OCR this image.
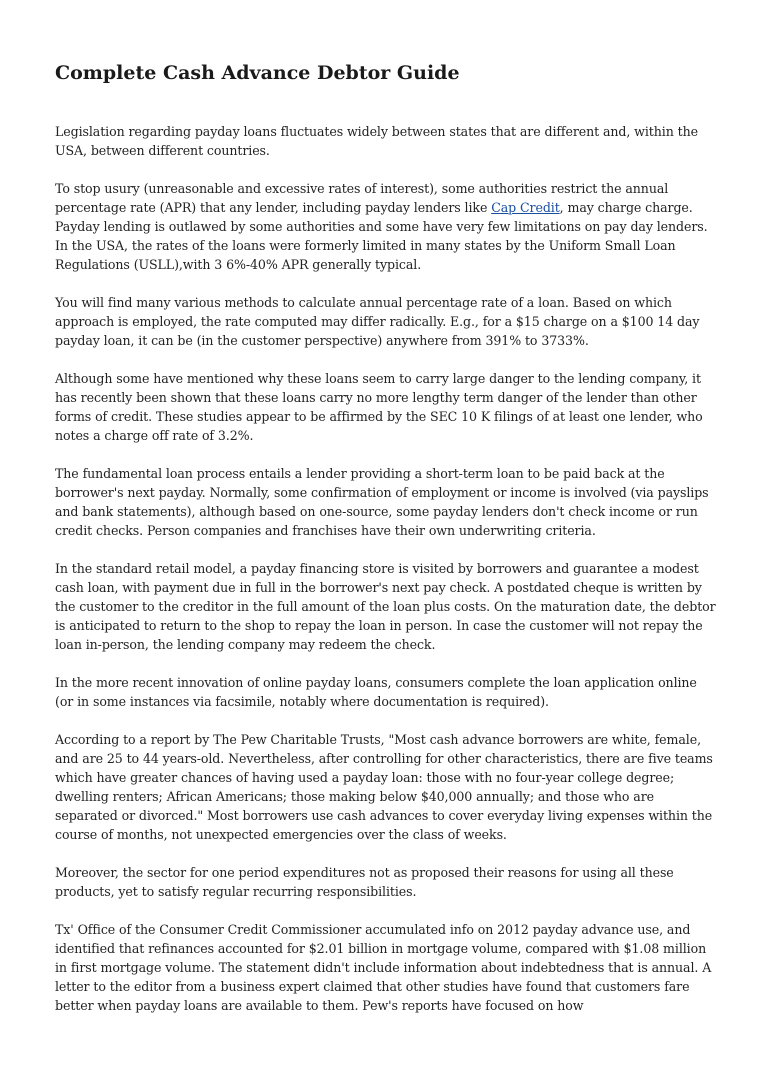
Complete Cash Advance Debtor Guide

Legislation regarding payday loans fluctuates widely between states that are different and, within the USA, between different countries.

To stop usury (unreasonable and excessive rates of interest), some authorities restrict the annual percentage rate (APR) that any lender, including payday lenders like Cap Credit, may charge charge. Payday lending is outlawed by some authorities and some have very few limitations on pay day lenders. In the USA, the rates of the loans were formerly limited in many states by the Uniform Small Loan Regulations (USLL),with 3 6%-40% APR generally typical.

You will find many various methods to calculate annual percentage rate of a loan. Based on which approach is employed, the rate computed may differ radically. E.g., for a $15 charge on a $100 14 day payday loan, it can be (in the customer perspective) anywhere from 391% to 3733%.

Although some have mentioned why these loans seem to carry large danger to the lending company, it has recently been shown that these loans carry no more lengthy term danger of the lender than other forms of credit. These studies appear to be affirmed by the SEC 10 K filings of at least one lender, who notes a charge off rate of 3.2%.

The fundamental loan process entails a lender providing a short-term loan to be paid back at the borrower's next payday. Normally, some confirmation of employment or income is involved (via payslips and bank statements), although based on one-source, some payday lenders don't check income or run credit checks. Person companies and franchises have their own underwriting criteria.

In the standard retail model, a payday financing store is visited by borrowers and guarantee a modest cash loan, with payment due in full in the borrower's next pay check. A postdated cheque is written by the customer to the creditor in the full amount of the loan plus costs. On the maturation date, the debtor is anticipated to return to the shop to repay the loan in person. In case the customer will not repay the loan in-person, the lending company may redeem the check.

In the more recent innovation of online payday loans, consumers complete the loan application online (or in some instances via facsimile, notably where documentation is required).

According to a report by The Pew Charitable Trusts, "Most cash advance borrowers are white, female, and are 25 to 44 years-old. Nevertheless, after controlling for other characteristics, there are five teams which have greater chances of having used a payday loan: those with no four-year college degree; dwelling renters; African Americans; those making below $40,000 annually; and those who are separated or divorced." Most borrowers use cash advances to cover everyday living expenses within the course of months, not unexpected emergencies over the class of weeks.

Moreover, the sector for one period expenditures not as proposed their reasons for using all these products, yet to satisfy regular recurring responsibilities.

Tx' Office of the Consumer Credit Commissioner accumulated info on 2012 payday advance use, and identified that refinances accounted for $2.01 billion in mortgage volume, compared with $1.08 million in first mortgage volume. The statement didn't include information about indebtedness that is annual. A letter to the editor from a business expert claimed that other studies have found that customers fare better when payday loans are available to them. Pew's reports have focused on how
